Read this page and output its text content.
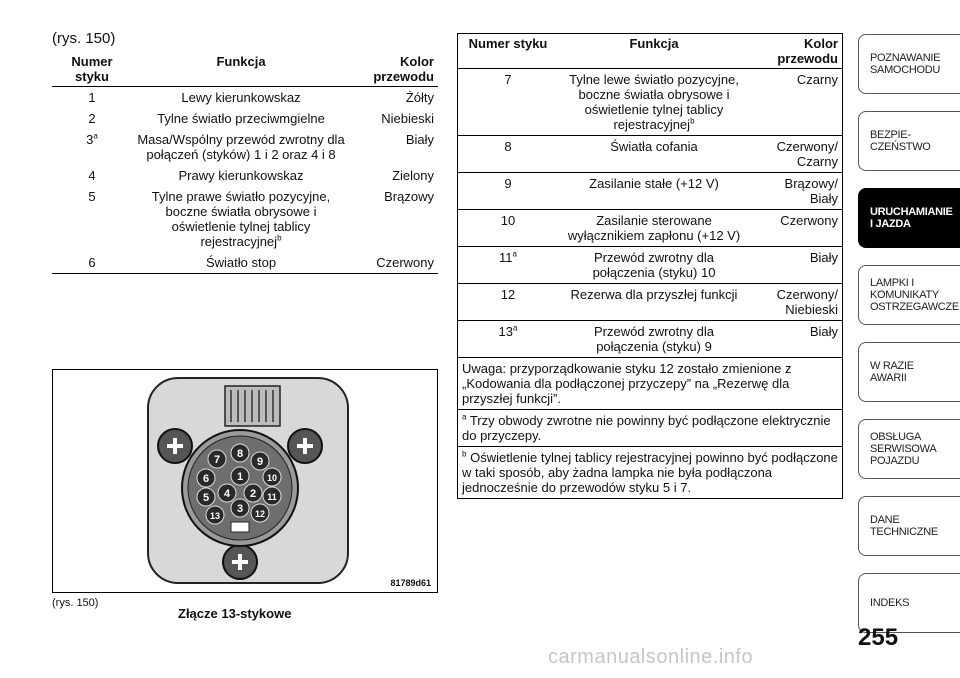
(rys. 150)
Numer styku	Funkcja	Kolor przewodu
1	Lewy kierunkowskaz	Żółty
2	Tylne światło przeciwmgielne	Niebieski
3$^a$	Masa/Wspólny przewód zwrotny dla połączeń (styków) 1 i 2 oraz 4 i 8	Biały
4	Prawy kierunkowskaz	Zielony
5	Tylne prawe światło pozycyjne, boczne światła obrysowe i oświetlenie tylnej tablicy rejestracyjnej$^b$	Brązowy
6	Światło stop	Czerwony
1
2
3
4
5
6
7 8
9
10
11
12
13
81789d61
(rys. 150)
Złącze 13-stykowe
Numer styku	Funkcja	Kolor przewodu
7	Tylne lewe światło pozycyjne, boczne światła obrysowe i oświetlenie tylnej tablicy rejestracyjnej$^b$	Czarny
8	Światła cofania	Czerwony/ Czarny
9	Zasilanie stałe (+12 V)	Brązowy/ Biały
10	Zasilanie sterowane wyłącznikiem zapłonu (+12 V)	Czerwony
11$^a$	Przewód zwrotny dla połączenia (styku) 10	Biały
12	Rezerwa dla przyszłej funkcji	Czerwony/ Niebieski
13$^a$	Przewód zwrotny dla połączenia (styku) 9	Biały
Uwaga: przyporządkowanie styku 12 zostało zmienione z „Kodowania dla podłączonej przyczepy” na „Rezerwę dla przyszłej funkcji”.		
$^a$ Trzy obwody zwrotne nie powinny być podłączone elektrycznie do przyczepy.		
$^b$ Oświetlenie tylnej tablicy rejestracyjnej powinno być podłączone w taki sposób, aby żadna lampka nie była podłączona jednocześnie do przewodów styku 5 i 7.		
POZNAWANIE
SAMOCHODU
BEZPIE-
CZEŃSTWO
URUCHAMIANIE
I JAZDA
LAMPKI I
KOMUNIKATY
OSTRZEGAWCZE
W RAZIE
AWARII
OBSŁUGA
SERWISOWA
POJAZDU
DANE
TECHNICZNE
INDEKS
255
carmanualsonline.info
